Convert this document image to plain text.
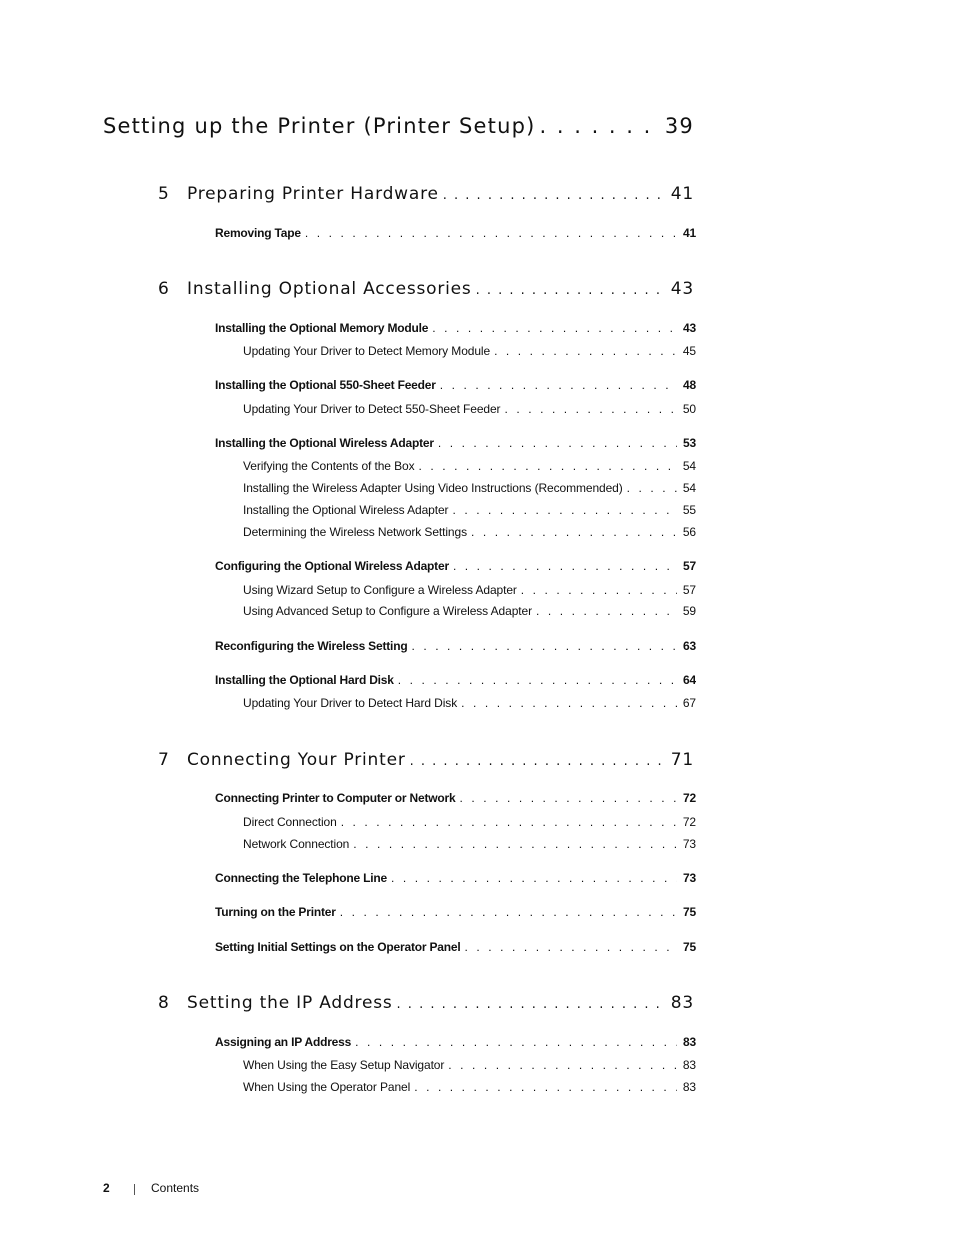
Setting up the Printer (Printer Setup) . . .	39
5	Preparing Printer Hardware . . .	41
Removing Tape . . .	41
6	Installing Optional Accessories . . .	43
Installing the Optional Memory Module . . .	43
Updating Your Driver to Detect Memory Module . . .	45
Installing the Optional 550-Sheet Feeder . . .	48
Updating Your Driver to Detect 550-Sheet Feeder . . .	50
Installing the Optional Wireless Adapter . . .	53
Verifying the Contents of the Box . . .	54
Installing the Wireless Adapter Using Video Instructions (Recommended) . . .	54
Installing the Optional Wireless Adapter . . .	55
Determining the Wireless Network Settings . . .	56
Configuring the Optional Wireless Adapter . . .	57
Using Wizard Setup to Configure a Wireless Adapter . . .	57
Using Advanced Setup to Configure a Wireless Adapter . . .	59
Reconfiguring the Wireless Setting . . .	63
Installing the Optional Hard Disk . . .	64
Updating Your Driver to Detect Hard Disk . . .	67
7	Connecting Your Printer . . .	71
Connecting Printer to Computer or Network . . .	72
Direct Connection . . .	72
Network Connection . . .	73
Connecting the Telephone Line . . .	73
Turning on the Printer . . .	75
Setting Initial Settings on the Operator Panel . . .	75
8	Setting the IP Address . . .	83
Assigning an IP Address . . .	83
When Using the Easy Setup Navigator . . .	83
When Using the Operator Panel . . .	83
2	Contents
